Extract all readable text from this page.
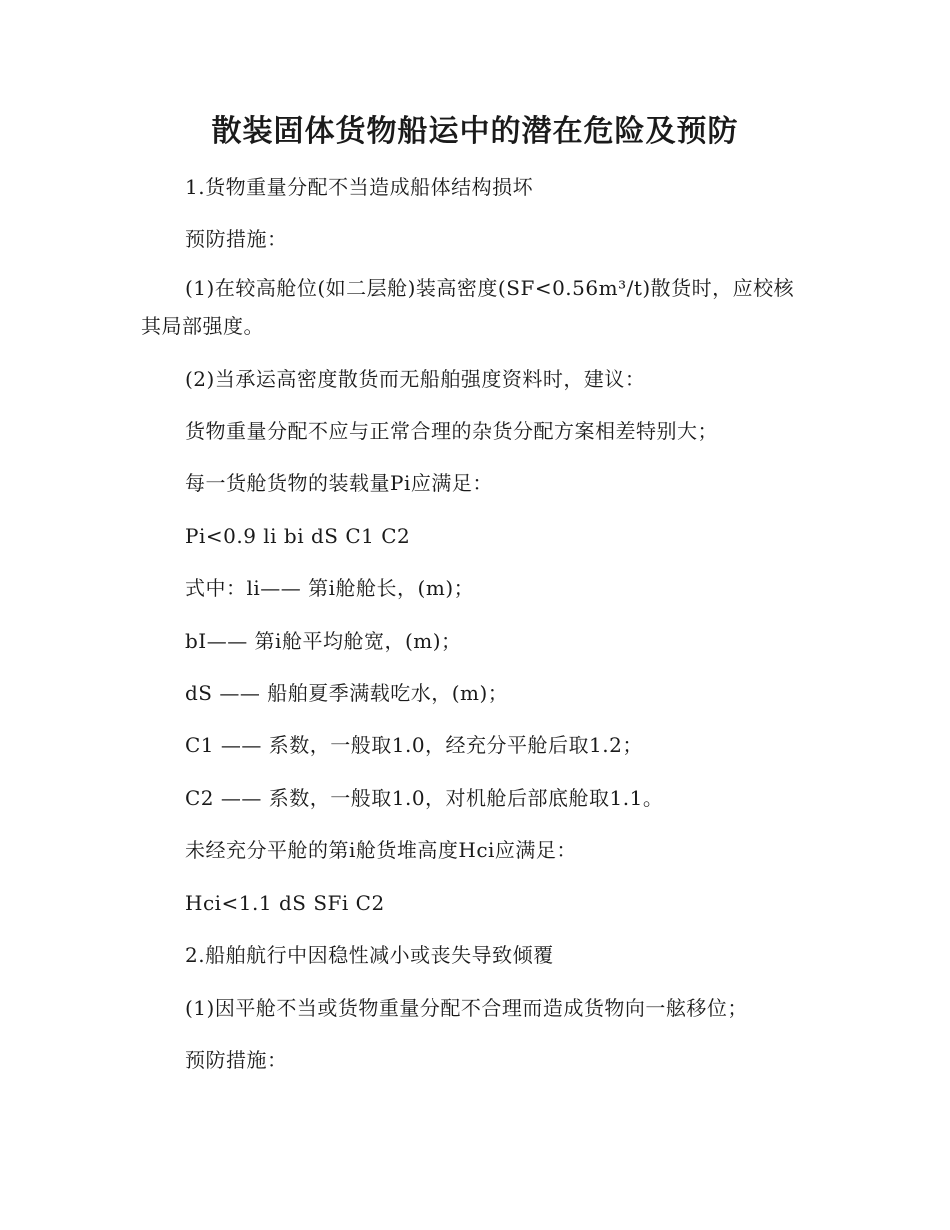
散装固体货物船运中的潜在危险及预防
1.货物重量分配不当造成船体结构损坏
预防措施：
(1)在较高舱位(如二层舱)装高密度(SF<0.56m³/t)散货时，应校核其局部强度。
(2)当承运高密度散货而无船舶强度资料时，建议：
货物重量分配不应与正常合理的杂货分配方案相差特别大；
每一货舱货物的装载量Pi应满足：
Pi<0.9 li bi dS C1 C2
式中：li—— 第i舱舱长，(m)；
bI—— 第i舱平均舱宽，(m)；
dS —— 船舶夏季满载吃水，(m)；
C1 —— 系数，一般取1.0，经充分平舱后取1.2；
C2 —— 系数，一般取1.0，对机舱后部底舱取1.1。
未经充分平舱的第i舱货堆高度Hci应满足：
Hci<1.1 dS SFi C2
2.船舶航行中因稳性减小或丧失导致倾覆
(1)因平舱不当或货物重量分配不合理而造成货物向一舷移位；
预防措施：
